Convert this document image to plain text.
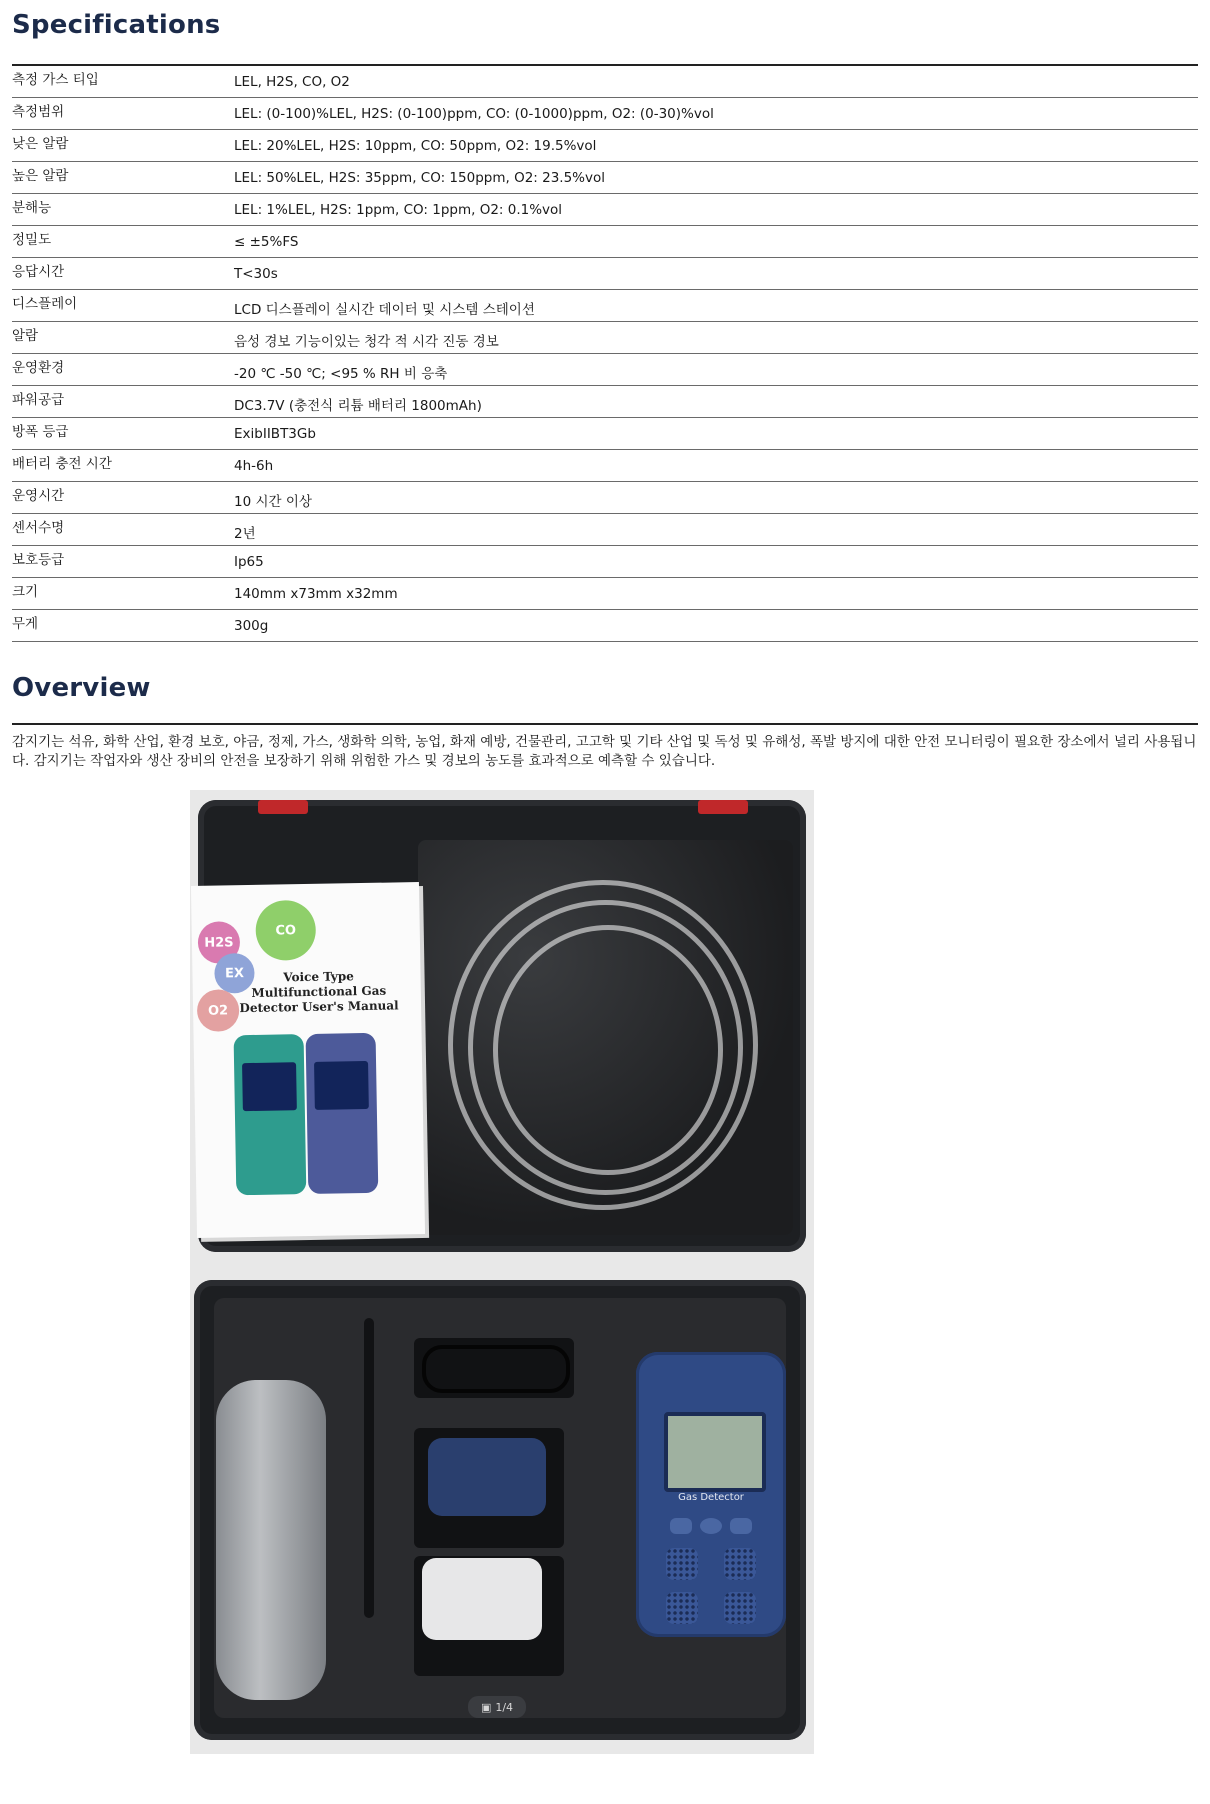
Specifications
측정 가스 티입	LEL, H2S, CO, O2
측정범위	LEL: (0-100)%LEL, H2S: (0-100)ppm, CO: (0-1000)ppm, O2: (0-30)%vol
낮은 알람	LEL: 20%LEL, H2S: 10ppm, CO: 50ppm, O2: 19.5%vol
높은 알람	LEL: 50%LEL, H2S: 35ppm, CO: 150ppm, O2: 23.5%vol
분해능	LEL: 1%LEL, H2S: 1ppm, CO: 1ppm, O2: 0.1%vol
정밀도	≤ ±5%FS
응답시간	T<30s
디스플레이	LCD 디스플레이 실시간 데이터 및 시스템 스테이션
알람	음성 경보 기능이있는 청각 적 시각 진동 경보
운영환경	-20 ℃ -50 ℃; <95 % RH 비 응축
파워공급	DC3.7V (충전식 리튬 배터리 1800mAh)
방폭 등급	ExibIIBT3Gb
배터리 충전 시간	4h-6h
운영시간	10 시간 이상
센서수명	2년
보호등급	Ip65
크기	140mm x73mm x32mm
무게	300g
Overview
감지기는 석유, 화학 산업, 환경 보호, 야금, 정제, 가스, 생화학 의학, 농업, 화재 예방, 건물관리, 고고학 및 기타 산업 및 독성 및 유해성, 폭발 방지에 대한 안전 모니터링이 필요한 장소에서 널리 사용됩니다. 감지기는 작업자와 생산 장비의 안전을 보장하기 위해 위험한 가스 및 경보의 농도를 효과적으로 예측할 수 있습니다.
CO
H2S
EX
O2
Voice Type Multifunctional Gas Detector User's Manual
Gas Detector
▣ 1/4
